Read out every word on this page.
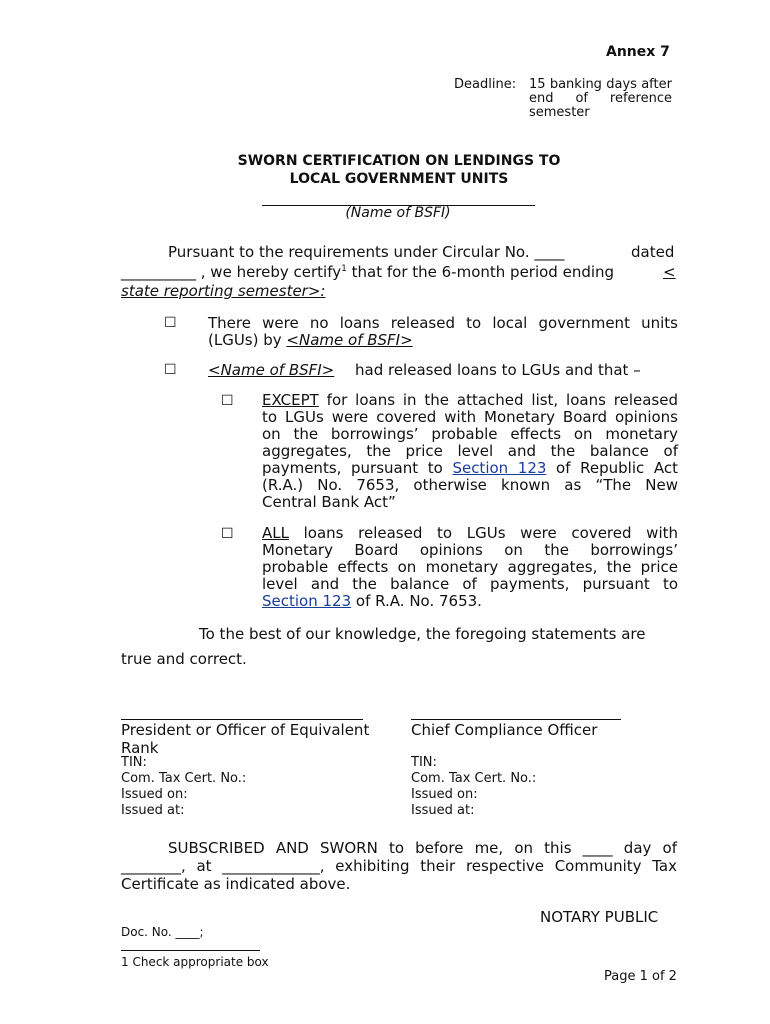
Annex 7
Deadline: 15 banking days after
end of reference
semester
SWORN CERTIFICATION ON LENDINGS TO
LOCAL GOVERNMENT UNITS
(Name of BSFI)
Pursuant to the requirements under Circular No. ____	dated
__________ , we hereby certify$^1$ that for the 6-month period ending	<
state reporting semester>:
☐ There were no loans released to local government units
(LGUs) by <Name of BSFI>
☐ <Name of BSFI> had released loans to LGUs and that –
☐ EXCEPT for loans in the attached list, loans released
to LGUs were covered with Monetary Board opinions
on the borrowings’ probable effects on monetary
aggregates, the price level and the balance of
payments, pursuant to Section 123 of Republic Act
(R.A.) No. 7653, otherwise known as “The New
Central Bank Act”
☐ ALL loans released to LGUs were covered with
Monetary Board opinions on the borrowings’
probable effects on monetary aggregates, the price
level and the balance of payments, pursuant to
Section 123 of R.A. No. 7653.
To the best of our knowledge, the foregoing statements are
true and correct.
President or Officer of Equivalent
Rank
TIN:
Com. Tax Cert. No.:
Issued on:
Issued at:
Chief Compliance Officer
TIN:
Com. Tax Cert. No.:
Issued on:
Issued at:
SUBSCRIBED AND SWORN to before me, on this ____ day of
________, at _____________, exhibiting their respective Community Tax
Certificate as indicated above.
NOTARY PUBLIC
Doc. No. ____;
1 Check appropriate box
Page 1 of 2
